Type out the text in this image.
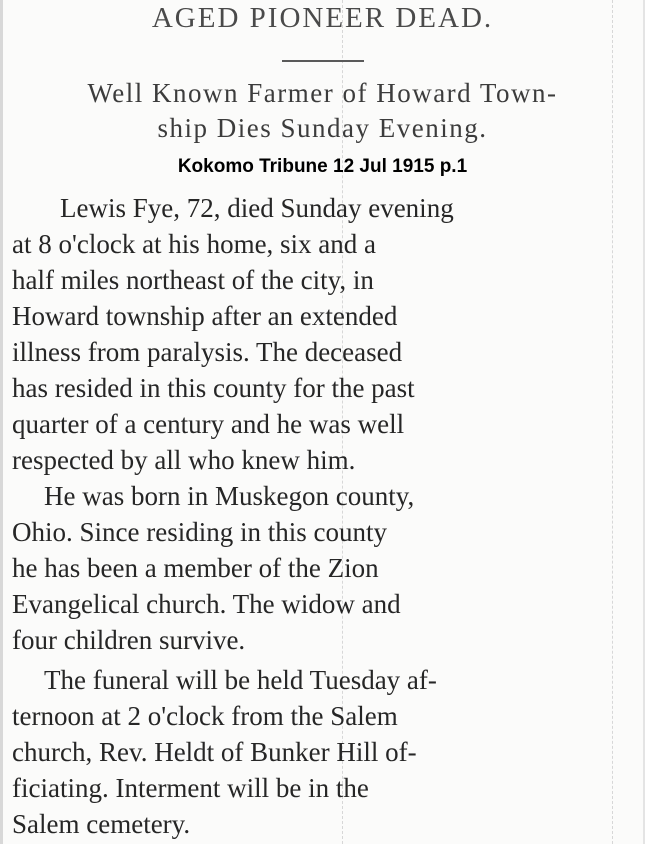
AGED PIONEER DEAD.
Well Known Farmer of Howard Town-
ship Dies Sunday Evening.
Kokomo Tribune 12 Jul 1915 p.1
Lewis Fye, 72, died Sunday evening
at 8 o'clock at his home, six and a
half miles northeast of the city, in
Howard township after an extended
illness from paralysis. The deceased
has resided in this county for the past
quarter of a century and he was well
respected by all who knew him.
He was born in Muskegon county,
Ohio. Since residing in this county
he has been a member of the Zion
Evangelical church. The widow and
four children survive.
The funeral will be held Tuesday af-
ternoon at 2 o'clock from the Salem
church, Rev. Heldt of Bunker Hill of-
ficiating. Interment will be in the
Salem cemetery.
